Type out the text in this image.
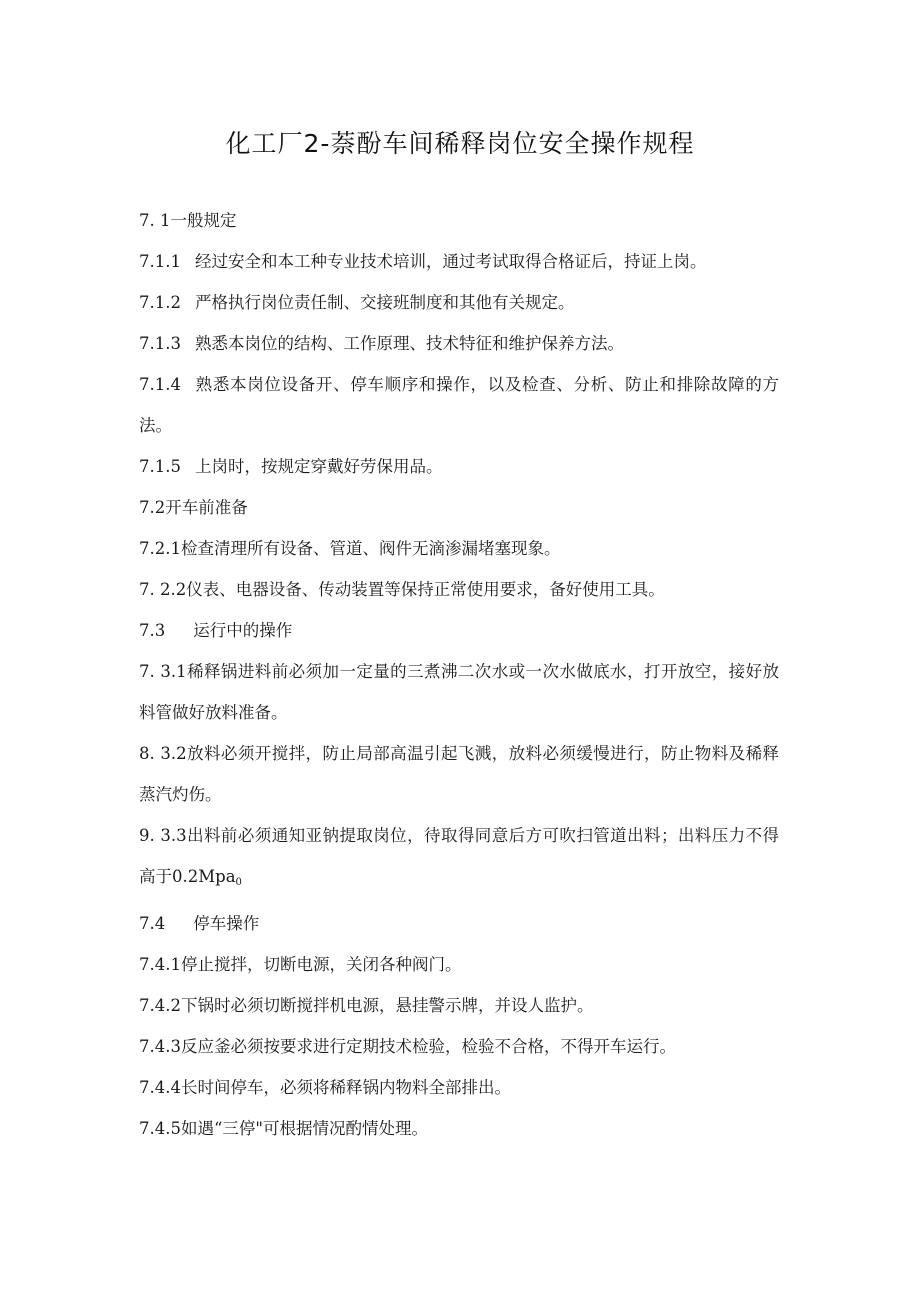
化工厂2-萘酚车间稀释岗位安全操作规程

7. 1一般规定

7.1.1 经过安全和本工种专业技术培训，通过考试取得合格证后，持证上岗。

7.1.2 严格执行岗位责任制、交接班制度和其他有关规定。

7.1.3 熟悉本岗位的结构、工作原理、技术特征和维护保养方法。

7.1.4 熟悉本岗位设备开、停车顺序和操作，以及检查、分析、防止和排除故障的方法。

7.1.5 上岗时，按规定穿戴好劳保用品。

7.2开车前准备

7.2.1检查清理所有设备、管道、阀件无滴渗漏堵塞现象。

7. 2.2仪表、电器设备、传动装置等保持正常使用要求，备好使用工具。

7.3 运行中的操作

7. 3.1稀释锅进料前必须加一定量的三煮沸二次水或一次水做底水，打开放空，接好放料管做好放料准备。

8. 3.2放料必须开搅拌，防止局部高温引起飞溅，放料必须缓慢进行，防止物料及稀释蒸汽灼伤。

9. 3.3出料前必须通知亚钠提取岗位，待取得同意后方可吹扫管道出料；出料压力不得高于0.2Mpa$_0$

7.4 停车操作

7.4.1停止搅拌，切断电源，关闭各种阀门。

7.4.2下锅时必须切断搅拌机电源，悬挂警示牌，并设人监护。

7.4.3反应釜必须按要求进行定期技术检验，检验不合格，不得开车运行。

7.4.4长时间停车，必须将稀释锅内物料全部排出。

7.4.5如遇“三停"可根据情况酌情处理。
